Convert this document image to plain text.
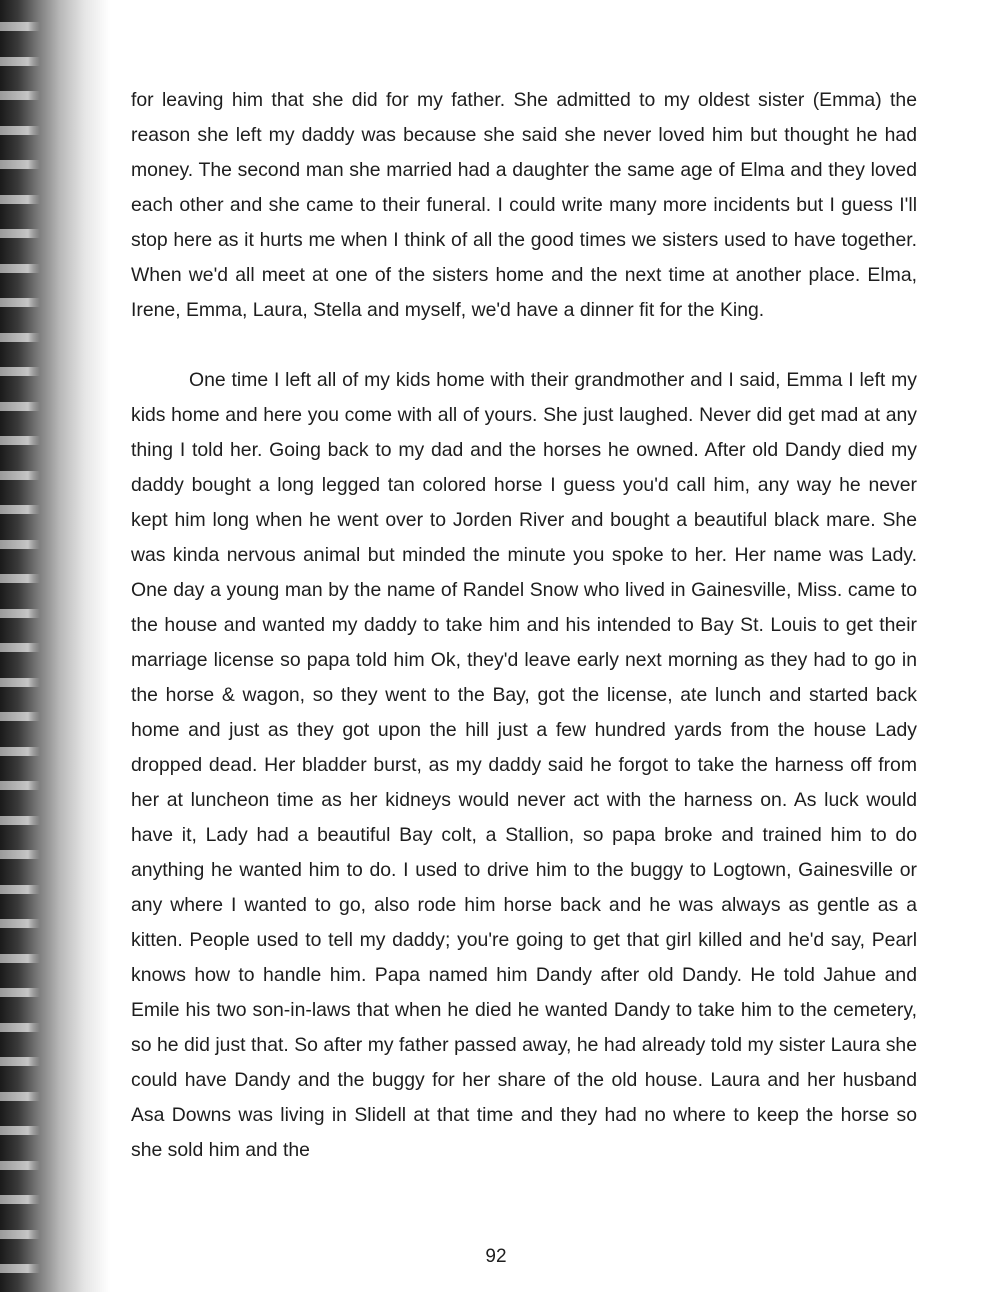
for leaving him that she did for my father. She admitted to my oldest sister (Emma) the reason she left my daddy was because she said she never loved him but thought he had money. The second man she married had a daughter the same age of Elma and they loved each other and she came to their funeral. I could write many more incidents but I guess I'll stop here as it hurts me when I think of all the good times we sisters used to have together. When we'd all meet at one of the sisters home and the next time at another place. Elma, Irene, Emma, Laura, Stella and myself, we'd have a dinner fit for the King.

One time I left all of my kids home with their grandmother and I said, Emma I left my kids home and here you come with all of yours. She just laughed. Never did get mad at any thing I told her. Going back to my dad and the horses he owned. After old Dandy died my daddy bought a long legged tan colored horse I guess you'd call him, any way he never kept him long when he went over to Jorden River and bought a beautiful black mare. She was kinda nervous animal but minded the minute you spoke to her. Her name was Lady. One day a young man by the name of Randel Snow who lived in Gainesville, Miss. came to the house and wanted my daddy to take him and his intended to Bay St. Louis to get their marriage license so papa told him Ok, they'd leave early next morning as they had to go in the horse & wagon, so they went to the Bay, got the license, ate lunch and started back home and just as they got upon the hill just a few hundred yards from the house Lady dropped dead. Her bladder burst, as my daddy said he forgot to take the harness off from her at luncheon time as her kidneys would never act with the harness on. As luck would have it, Lady had a beautiful Bay colt, a Stallion, so papa broke and trained him to do anything he wanted him to do. I used to drive him to the buggy to Logtown, Gainesville or any where I wanted to go, also rode him horse back and he was always as gentle as a kitten. People used to tell my daddy; you're going to get that girl killed and he'd say, Pearl knows how to handle him. Papa named him Dandy after old Dandy. He told Jahue and Emile his two son-in-laws that when he died he wanted Dandy to take him to the cemetery, so he did just that. So after my father passed away, he had already told my sister Laura she could have Dandy and the buggy for her share of the old house. Laura and her husband Asa Downs was living in Slidell at that time and they had no where to keep the horse so she sold him and the

92
